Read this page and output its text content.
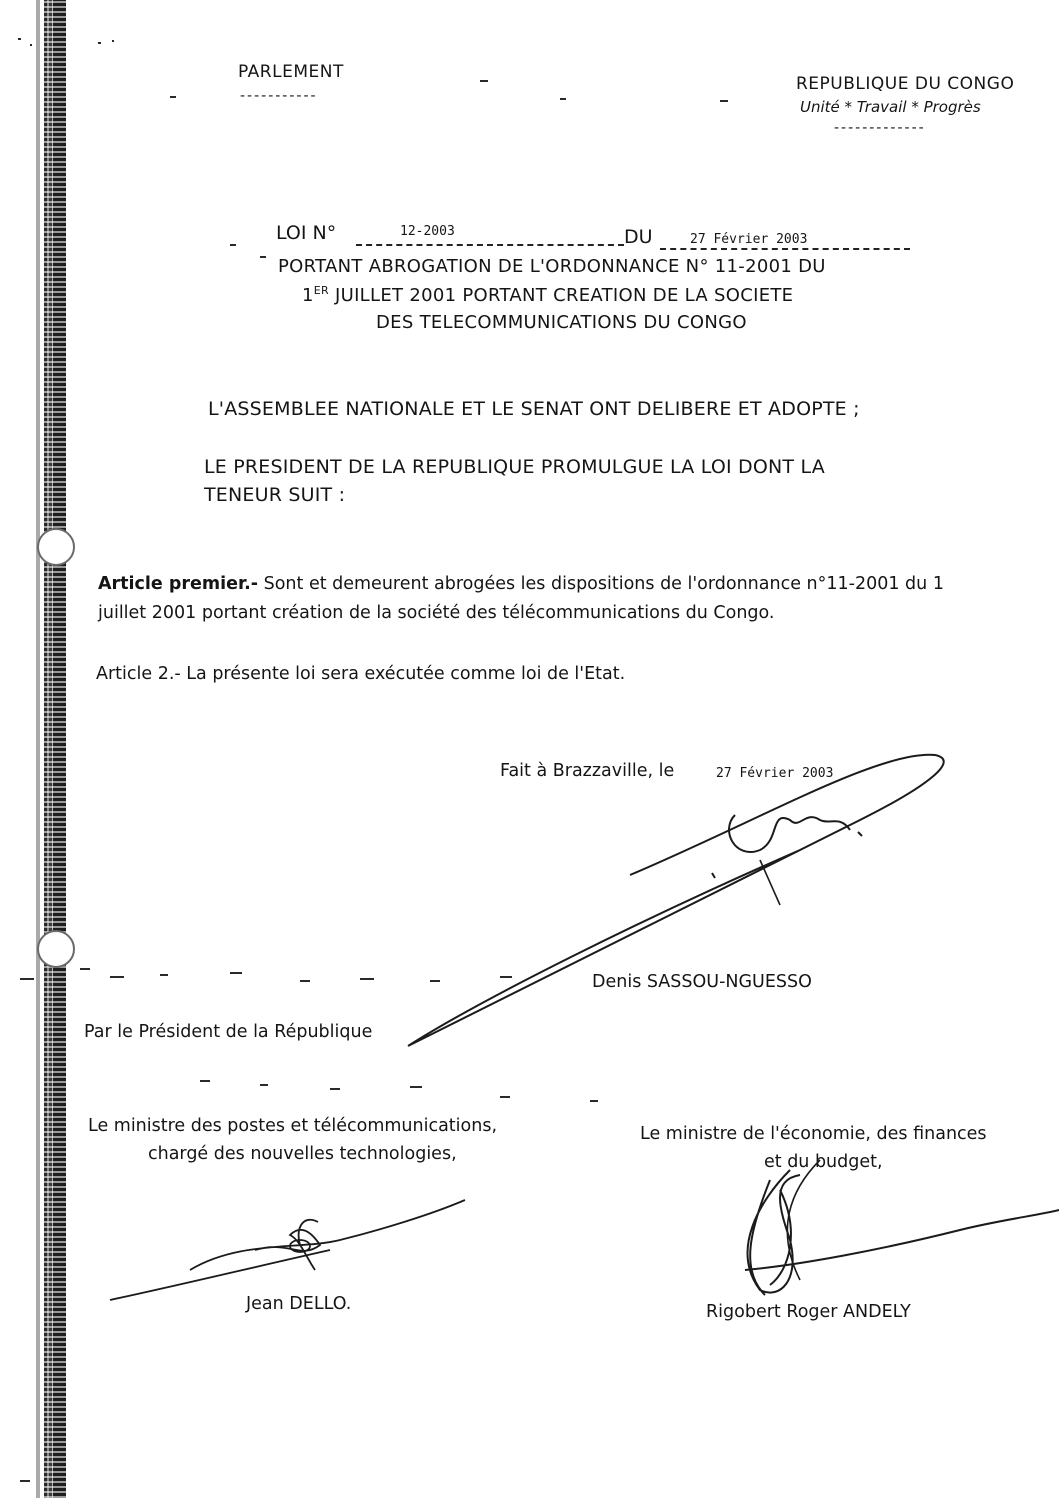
PARLEMENT
-----------
REPUBLIQUE DU CONGO
Unité * Travail * Progrès
-------------
LOI N°	12-2003	DU	27 Février 2003
PORTANT ABROGATION DE L'ORDONNANCE N° 11-2001 DU
1ER JUILLET 2001 PORTANT CREATION DE LA SOCIETE
DES TELECOMMUNICATIONS DU CONGO
L'ASSEMBLEE NATIONALE ET LE SENAT ONT DELIBERE ET ADOPTE ;
LE PRESIDENT DE LA REPUBLIQUE PROMULGUE LA LOI DONT LA
TENEUR SUIT :
Article premier.- Sont et demeurent abrogées les dispositions de l'ordonnance n°11-2001 du 1
juillet 2001 portant création de la société des télécommunications du Congo.
Article 2.- La présente loi sera exécutée comme loi de l'Etat.
Fait à Brazzaville, le	27 Février 2003
Denis SASSOU-NGUESSO
Par le Président de la République
Le ministre des postes et télécommunications,
chargé des nouvelles technologies,
Jean DELLO.
Le ministre de l'économie, des finances
et du budget,
Rigobert Roger ANDELY
